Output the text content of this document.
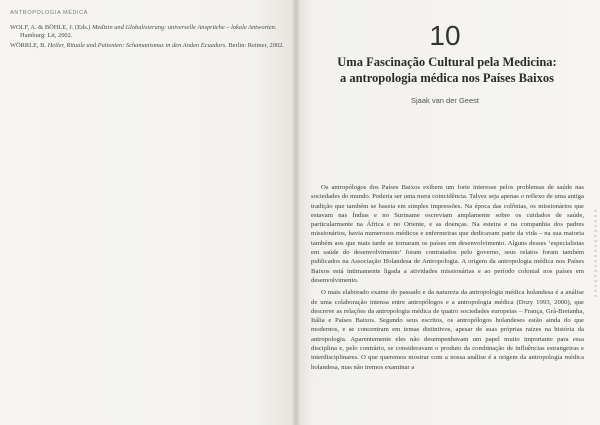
ANTROPOLOGIA MÉDICA

WOLF, A. & BÖHLE, J. (Eds.) Medizin und Globalisierung: universelle Ansprüche – lokale Antworten. Hamburg: Lit, 2002.

WÖRRLE, B. Heiler, Rituale und Patienten: Schamanismus in den Anden Ecuadors. Berlin: Reimer, 2002.	10
Uma Fascinação Cultural pela Medicina:
a antropologia médica nos Países Baixos
Sjaak van der Geest

Os antropólogos dos Países Baixos exibem um forte interesse pelos problemas de saúde nas sociedades do mundo. Poderia ser uma mera coincidência. Talvez seja apenas o reflexo de uma antiga tradição que também se baseia em simples impressões. Na época das colônias, os missionários que estavam nas Índias e no Suriname escreviam amplamente sobre os cuidados de saúde, particularmente na África e no Oriente, e as doenças. Na esteira e na companhia dos padres missionários, havia numerosos médicos e enfermeiras que dedicavam parte da vida – na sua maioria também aos que mais tarde se tornaram os países em desenvolvimento. Alguns desses ‘especialistas em saúde do desenvolvimento’ foram contratados pelo governo, seus relatos foram também publicados na Associação Holandesa de Antropologia. A origem da antropologia médica nos Países Baixos está intimamente ligada a atividades missionárias e ao período colonial nos países em desenvolvimento.

O mais elaborado exame do passado e da natureza da antropologia médica holandesa é a análise de uma colaboração intensa entre antropólogos e a antropologia médica (Dozy 1993, 2000), que descreve as relações da antropologia médica de quatro sociedades europeias – França, Grã-Bretanha, Itália e Países Baixos. Segundo seus escritos, os antropólogos holandeses estão ainda do que modernos, e se concentram em temas distintivos, apesar de suas próprias raízes na história da antropologia. Aparentemente eles não desempenhavam um papel muito importante para essa disciplina e, pelo contrário, se consideravam o produto da combinação de influências estrangeiras e interdisciplinares. O que queremos mostrar com a nossa análise é a origem da antropologia médica holandesa, mas não iremos examinar a
